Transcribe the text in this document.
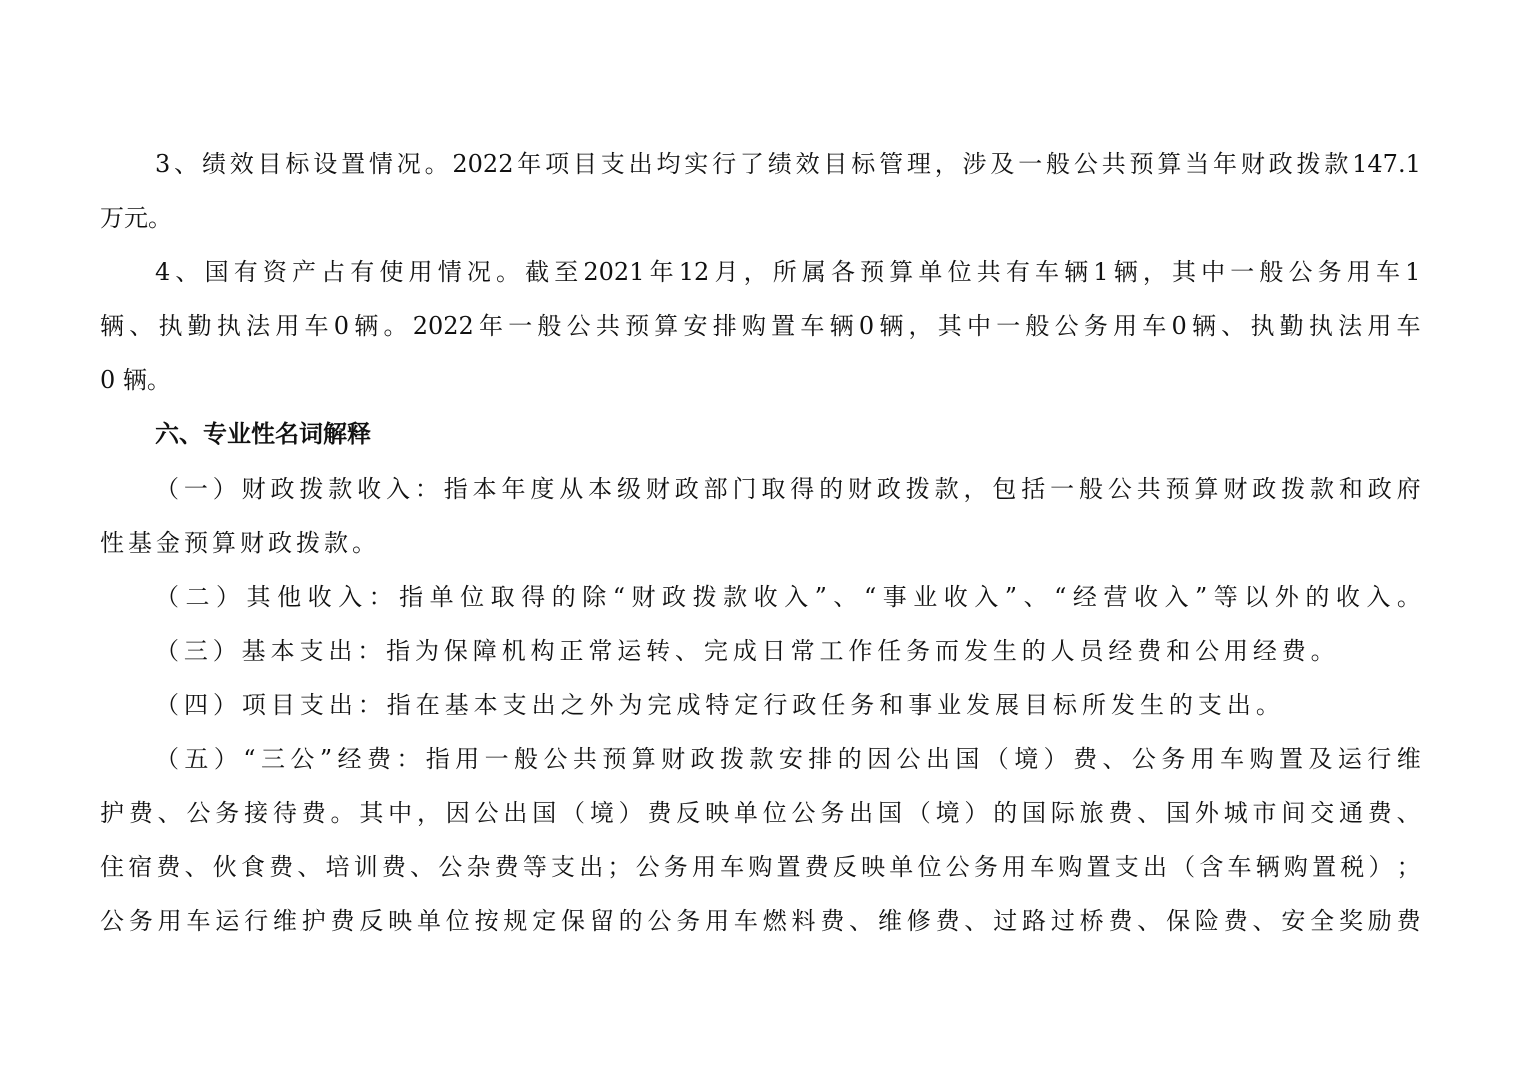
3 、 绩 效 目 标 设 置 情 况 。 2022 年 项 目 支 出 均 实 行 了 绩 效 目 标 管 理 ， 涉 及 一 般 公 共 预 算 当 年 财 政 拨 款 147.1
万元。
4 、 国 有 资 产 占 有 使 用 情 况 。 截 至 2021 年 12 月 ， 所 属 各 预 算 单 位 共 有 车 辆 1 辆 ， 其 中 一 般 公 务 用 车 1
辆 、 执 勤 执 法 用 车 0 辆 。 2022 年 一 般 公 共 预 算 安 排 购 置 车 辆 0 辆 ， 其 中 一 般 公 务 用 车 0 辆 、 执 勤 执 法 用 车
0 辆。
六、专业性名词解释
（ 一 ） 财 政 拨 款 收 入 ： 指 本 年 度 从 本 级 财 政 部 门 取 得 的 财 政 拨 款 ， 包 括 一 般 公 共 预 算 财 政 拨 款 和 政 府
性基金预算财政拨款。
（ 二 ） 其 他 收 入 ： 指 单 位 取 得 的 除 “ 财 政 拨 款 收 入 ” 、 “ 事 业 收 入 ” 、 “ 经 营 收 入 ” 等 以 外 的 收 入 。
（ 三 ） 基 本 支 出 ： 指 为 保 障 机 构 正 常 运 转 、 完 成 日 常 工 作 任 务 而 发 生 的 人 员 经 费 和 公 用 经 费 。
（ 四 ） 项 目 支 出 ： 指 在 基 本 支 出 之 外 为 完 成 特 定 行 政 任 务 和 事 业 发 展 目 标 所 发 生 的 支 出 。
（ 五 ） “ 三 公 ” 经 费 ： 指 用 一 般 公 共 预 算 财 政 拨 款 安 排 的 因 公 出 国 （ 境 ） 费 、 公 务 用 车 购 置 及 运 行 维
护 费 、 公 务 接 待 费 。 其 中 ， 因 公 出 国 （ 境 ） 费 反 映 单 位 公 务 出 国 （ 境 ） 的 国 际 旅 费 、 国 外 城 市 间 交 通 费 、
住 宿 费 、 伙 食 费 、 培 训 费 、 公 杂 费 等 支 出 ； 公 务 用 车 购 置 费 反 映 单 位 公 务 用 车 购 置 支 出 （ 含 车 辆 购 置 税 ） ；
公 务 用 车 运 行 维 护 费 反 映 单 位 按 规 定 保 留 的 公 务 用 车 燃 料 费 、 维 修 费 、 过 路 过 桥 费 、 保 险 费 、 安 全 奖 励 费
